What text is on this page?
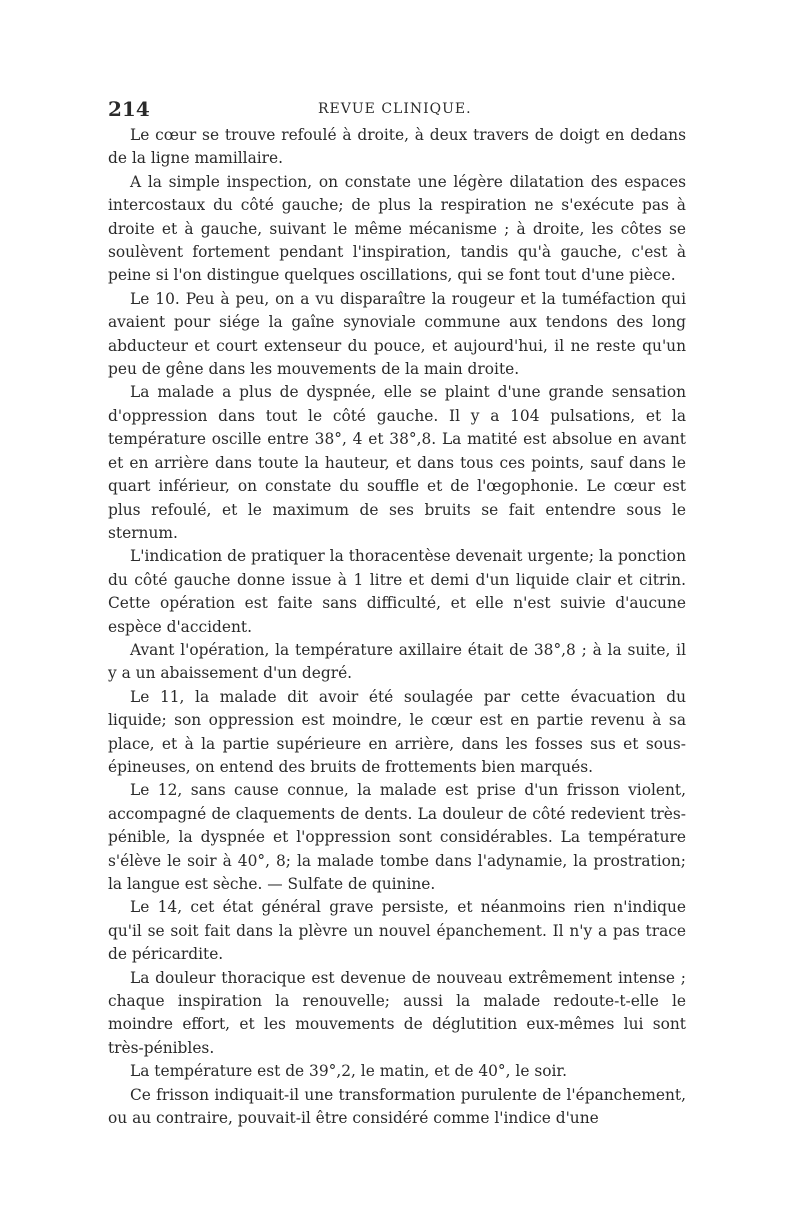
214	REVUE CLINIQUE.

Le cœur se trouve refoulé à droite, à deux travers de doigt en dedans de la ligne mamillaire.

A la simple inspection, on constate une légère dilatation des espaces intercostaux du côté gauche; de plus la respiration ne s'exécute pas à droite et à gauche, suivant le même mécanisme ; à droite, les côtes se soulèvent fortement pendant l'inspiration, tandis qu'à gauche, c'est à peine si l'on distingue quelques oscillations, qui se font tout d'une pièce.

Le 10. Peu à peu, on a vu disparaître la rougeur et la tuméfaction qui avaient pour siége la gaîne synoviale commune aux tendons des long abducteur et court extenseur du pouce, et aujourd'hui, il ne reste qu'un peu de gêne dans les mouvements de la main droite.

La malade a plus de dyspnée, elle se plaint d'une grande sensation d'oppression dans tout le côté gauche. Il y a 104 pulsations, et la température oscille entre 38°, 4 et 38°,8. La matité est absolue en avant et en arrière dans toute la hauteur, et dans tous ces points, sauf dans le quart inférieur, on constate du souffle et de l'œgophonie. Le cœur est plus refoulé, et le maximum de ses bruits se fait entendre sous le sternum.

L'indication de pratiquer la thoracentèse devenait urgente; la ponction du côté gauche donne issue à 1 litre et demi d'un liquide clair et citrin. Cette opération est faite sans difficulté, et elle n'est suivie d'aucune espèce d'accident.

Avant l'opération, la température axillaire était de 38°,8 ; à la suite, il y a un abaissement d'un degré.

Le 11, la malade dit avoir été soulagée par cette évacuation du liquide; son oppression est moindre, le cœur est en partie revenu à sa place, et à la partie supérieure en arrière, dans les fosses sus et sous-épineuses, on entend des bruits de frottements bien marqués.

Le 12, sans cause connue, la malade est prise d'un frisson violent, accompagné de claquements de dents. La douleur de côté redevient très-pénible, la dyspnée et l'oppression sont considérables. La température s'élève le soir à 40°, 8; la malade tombe dans l'adynamie, la prostration; la langue est sèche. — Sulfate de quinine.

Le 14, cet état général grave persiste, et néanmoins rien n'indique qu'il se soit fait dans la plèvre un nouvel épanchement. Il n'y a pas trace de péricardite.

La douleur thoracique est devenue de nouveau extrêmement intense ; chaque inspiration la renouvelle; aussi la malade redoute-t-elle le moindre effort, et les mouvements de déglutition eux-mêmes lui sont très-pénibles.

La température est de 39°,2, le matin, et de 40°, le soir.

Ce frisson indiquait-il une transformation purulente de l'épanchement, ou au contraire, pouvait-il être considéré comme l'indice d'une
